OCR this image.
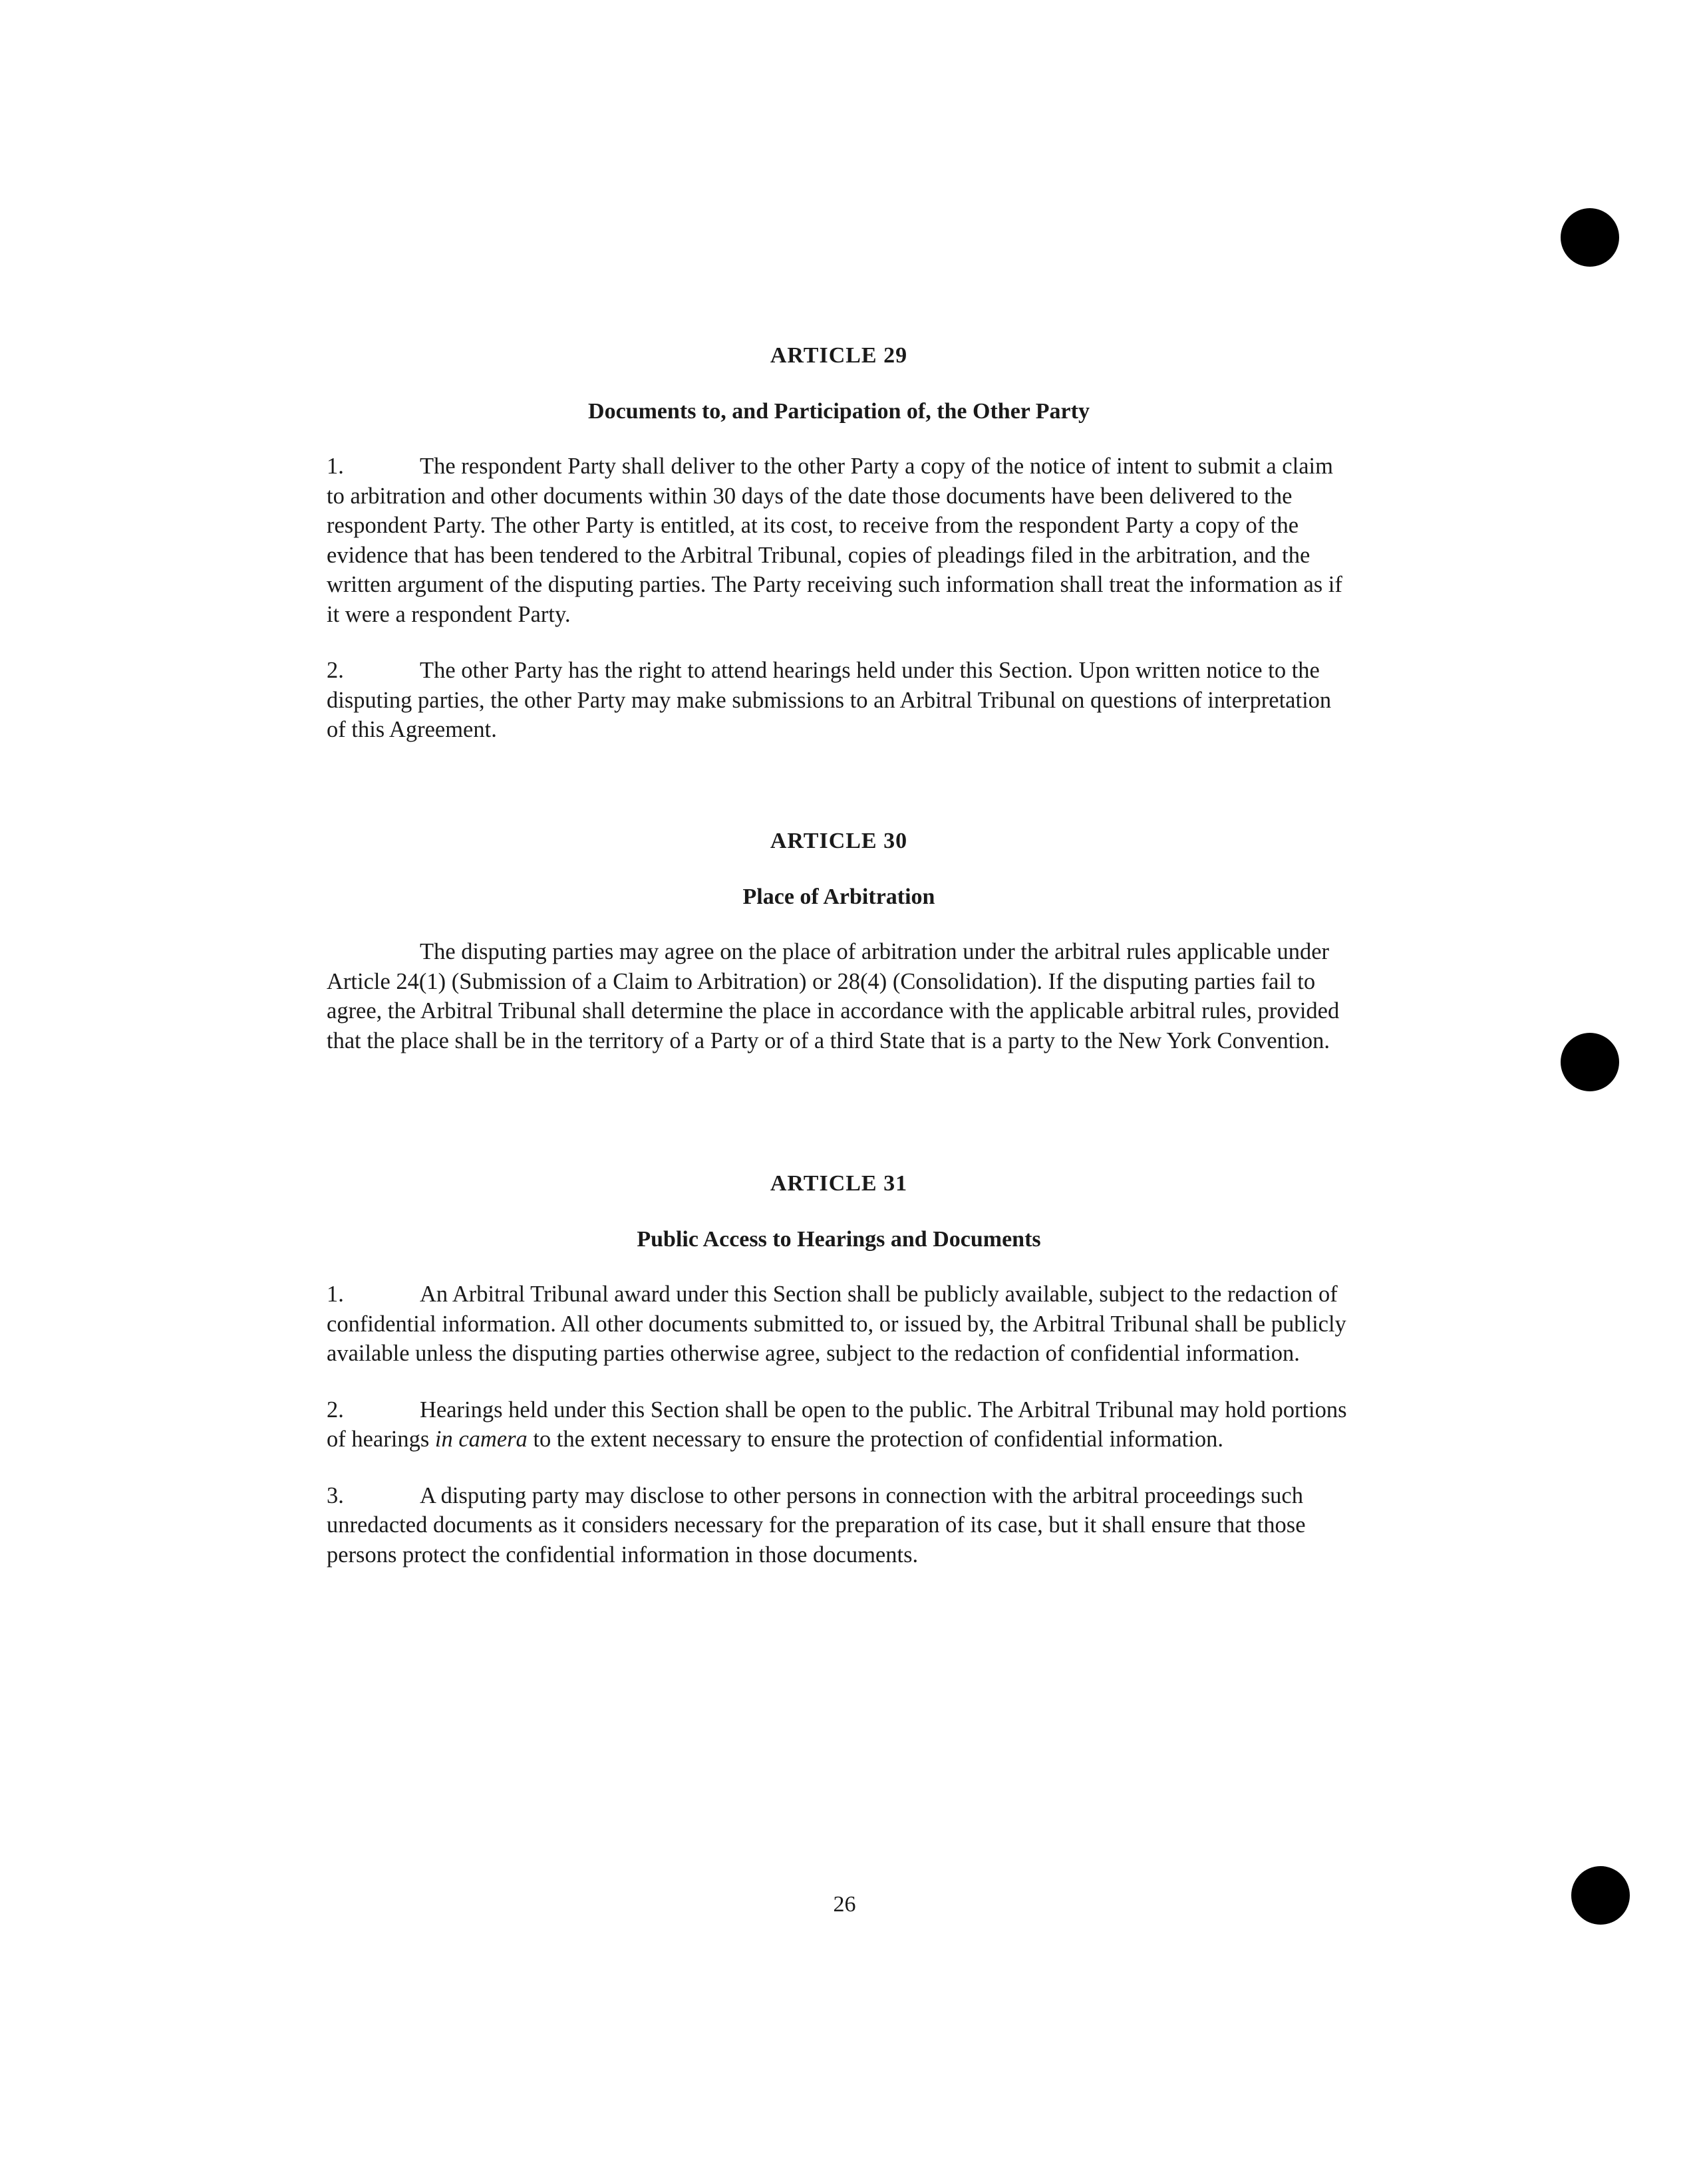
ARTICLE 29
Documents to, and Participation of, the Other Party

1.	The respondent Party shall deliver to the other Party a copy of the notice of intent to submit a claim to arbitration and other documents within 30 days of the date those documents have been delivered to the respondent Party. The other Party is entitled, at its cost, to receive from the respondent Party a copy of the evidence that has been tendered to the Arbitral Tribunal, copies of pleadings filed in the arbitration, and the written argument of the disputing parties. The Party receiving such information shall treat the information as if it were a respondent Party.

2.	The other Party has the right to attend hearings held under this Section. Upon written notice to the disputing parties, the other Party may make submissions to an Arbitral Tribunal on questions of interpretation of this Agreement.

ARTICLE 30
Place of Arbitration

The disputing parties may agree on the place of arbitration under the arbitral rules applicable under Article 24(1) (Submission of a Claim to Arbitration) or 28(4) (Consolidation). If the disputing parties fail to agree, the Arbitral Tribunal shall determine the place in accordance with the applicable arbitral rules, provided that the place shall be in the territory of a Party or of a third State that is a party to the New York Convention.

ARTICLE 31
Public Access to Hearings and Documents

1.	An Arbitral Tribunal award under this Section shall be publicly available, subject to the redaction of confidential information. All other documents submitted to, or issued by, the Arbitral Tribunal shall be publicly available unless the disputing parties otherwise agree, subject to the redaction of confidential information.

2.	Hearings held under this Section shall be open to the public. The Arbitral Tribunal may hold portions of hearings in camera to the extent necessary to ensure the protection of confidential information.

3.	A disputing party may disclose to other persons in connection with the arbitral proceedings such unredacted documents as it considers necessary for the preparation of its case, but it shall ensure that those persons protect the confidential information in those documents.

26
